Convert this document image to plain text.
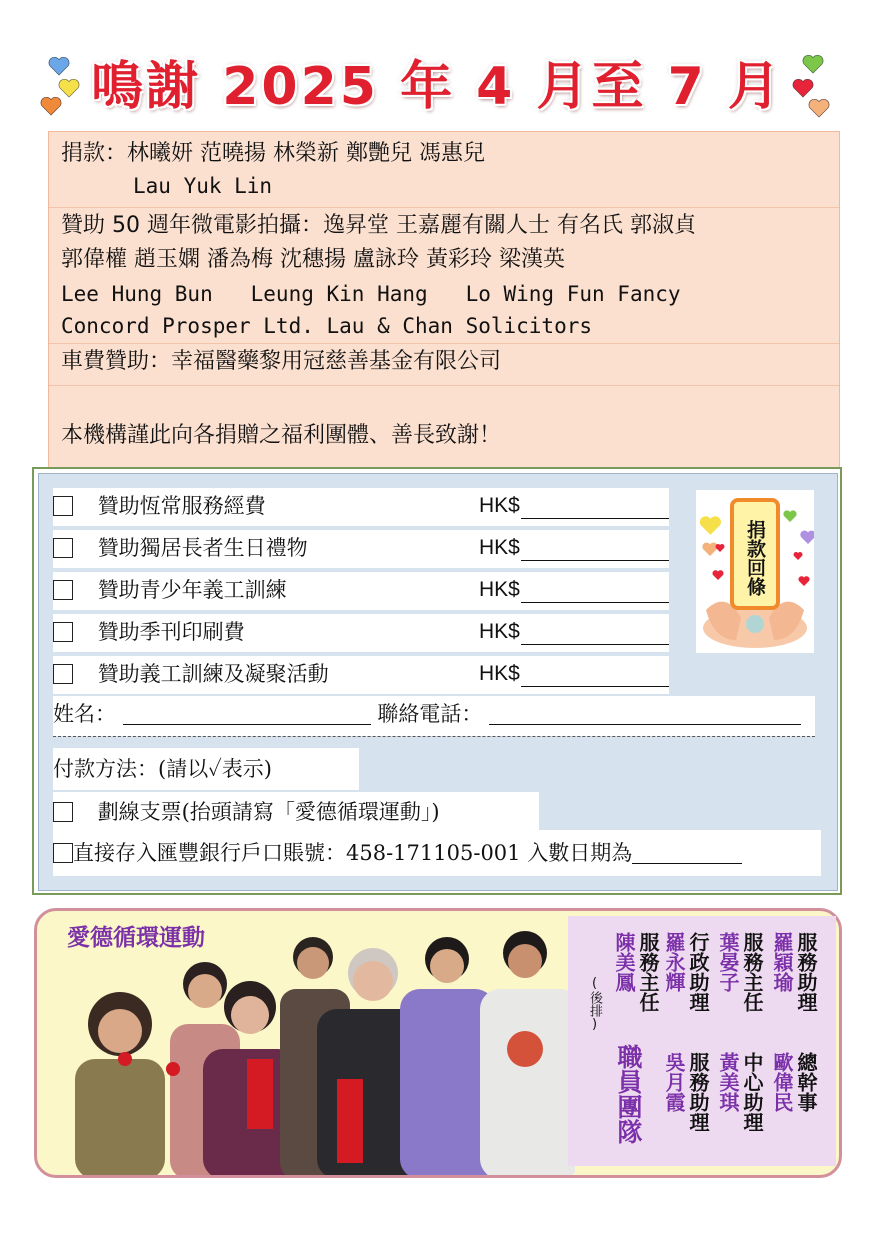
鳴謝 2025 年 4 月至 7 月
捐款：林曦妍 范曉揚 林榮新 鄭艷兒 馮惠兒
Lau Yuk Lin
贊助 50 週年微電影拍攝：逸昇堂 王嘉麗有關人士 有名氏 郭淑貞
郭偉權 趙玉嫻 潘為梅 沈穗揚 盧詠玲 黃彩玲 梁漢英
Lee Hung Bun   Leung Kin Hang   Lo Wing Fun Fancy
Concord Prosper Ltd. Lau & Chan Solicitors
車費贊助：幸福醫藥黎用冠慈善基金有限公司
本機構謹此向各捐贈之福利團體、善長致謝！
贊助恆常服務經費	HK$
贊助獨居長者生日禮物	HK$
贊助青少年義工訓練	HK$
贊助季刊印刷費	HK$
贊助義工訓練及凝聚活動	HK$
姓名：	聯絡電話：
付款方法：(請以✓表示)
劃線支票(抬頭請寫「愛德循環運動」)
直接存入匯豐銀行戶口賬號：458-171105-001 入數日期為
捐款回條
愛德循環運動	服務助理
羅穎瑜
服務主任
葉晏子
行政助理
羅永輝
服務主任
陳美鳳
(後排)
總幹事
歐偉民
中心助理
黃美琪
服務助理
吳月霞
職員團隊
